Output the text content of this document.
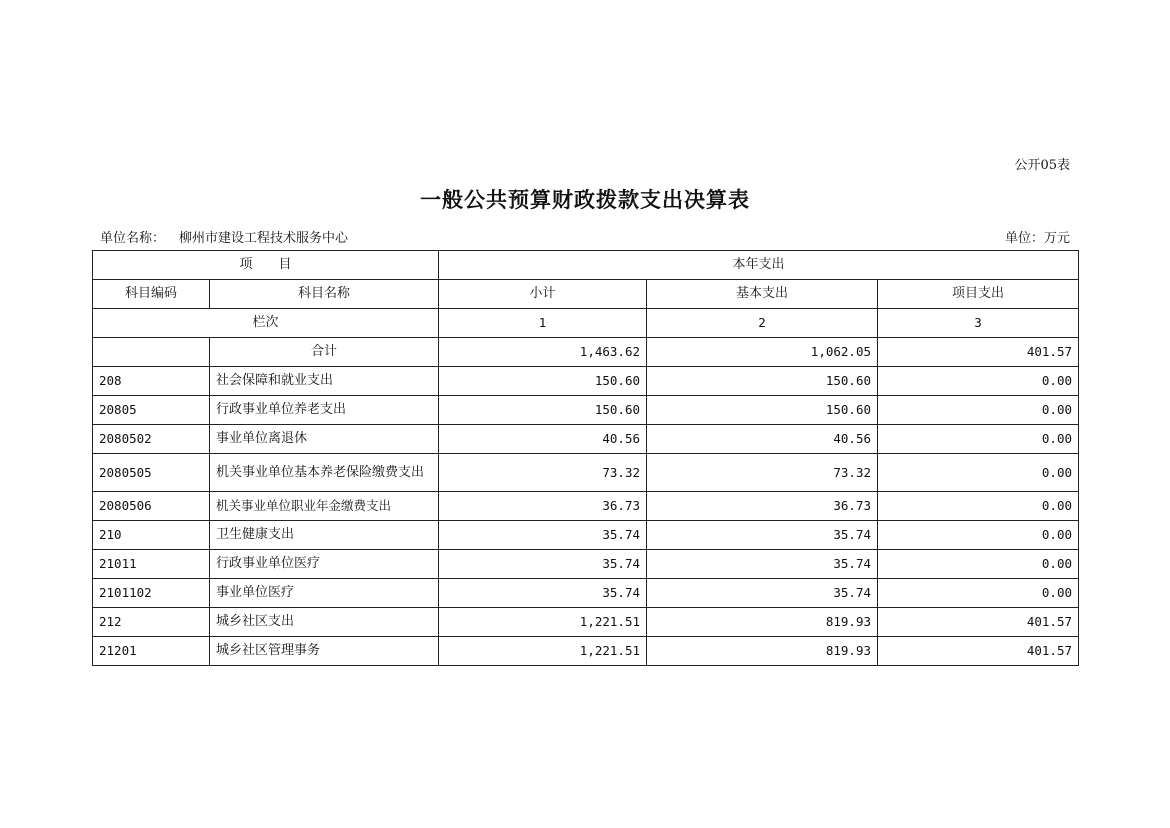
公开05表
一般公共预算财政拨款支出决算表
单位名称： 柳州市建设工程技术服务中心	单位：万元
项　　目		本年支出		
科目编码	科目名称	小计	基本支出	项目支出
栏次		1	2	3
	合计	1,463.62	1,062.05	401.57
208	社会保障和就业支出	150.60	150.60	0.00
20805	行政事业单位养老支出	150.60	150.60	0.00
2080502	事业单位离退休	40.56	40.56	0.00
2080505	机关事业单位基本养老保险缴费支出	73.32	73.32	0.00
2080506	机关事业单位职业年金缴费支出	36.73	36.73	0.00
210	卫生健康支出	35.74	35.74	0.00
21011	行政事业单位医疗	35.74	35.74	0.00
2101102	事业单位医疗	35.74	35.74	0.00
212	城乡社区支出	1,221.51	819.93	401.57
21201	城乡社区管理事务	1,221.51	819.93	401.57
